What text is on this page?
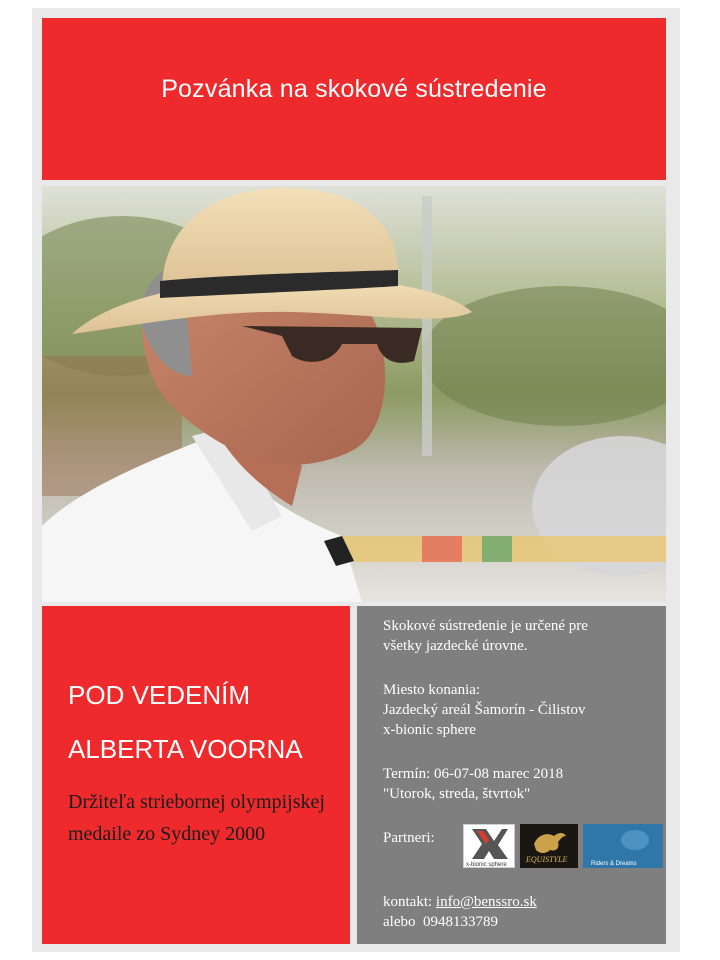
Pozvánka na skokové sústredenie
POD VEDENÍM
ALBERTA VOORNA
Držiteľa striebornej olympijskej medaile zo Sydney 2000
Skokové sústredenie je určené pre
všetky jazdecké úrovne.
Miesto konania:
Jazdecký areál Šamorín - Čilistov
x-bionic sphere
Termín: 06-07-08 marec 2018
"Utorok, streda, štvrtok"
Partneri:
x-bionic sphere
EQUISTYLE	Riders & Dreams
kontakt: info@benssro.sk
alebo 0948133789
